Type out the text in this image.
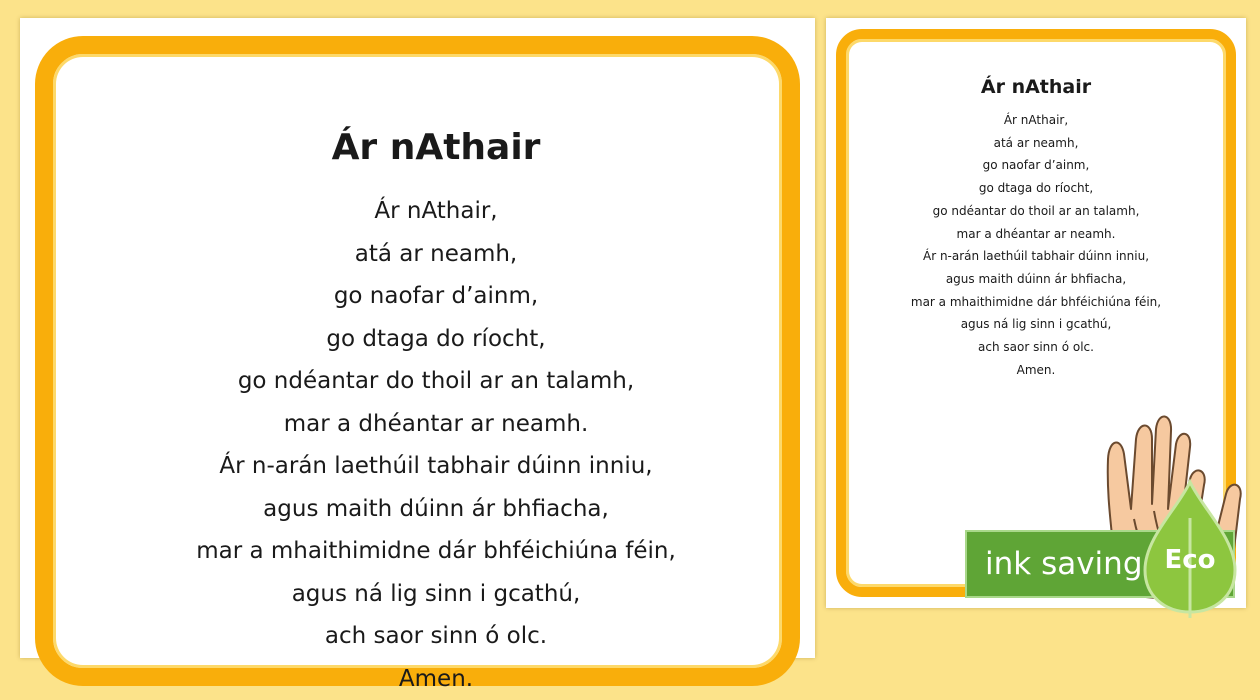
Ár nAthair
Ár nAthair,
atá ar neamh,
go naofar d’ainm,
go dtaga do ríocht,
go ndéantar do thoil ar an talamh,
mar a dhéantar ar neamh.
Ár n-arán laethúil tabhair dúinn inniu,
agus maith dúinn ár bhfiacha,
mar a mhaithimidne dár bhféichiúna féin,
agus ná lig sinn i gcathú,
ach saor sinn ó olc.
Amen.
Ár nAthair
Ár nAthair,
atá ar neamh,
go naofar d’ainm,
go dtaga do ríocht,
go ndéantar do thoil ar an talamh,
mar a dhéantar ar neamh.
Ár n-arán laethúil tabhair dúinn inniu,
agus maith dúinn ár bhfiacha,
mar a mhaithimidne dár bhféichiúna féin,
agus ná lig sinn i gcathú,
ach saor sinn ó olc.
Amen.
ink saving Eco
